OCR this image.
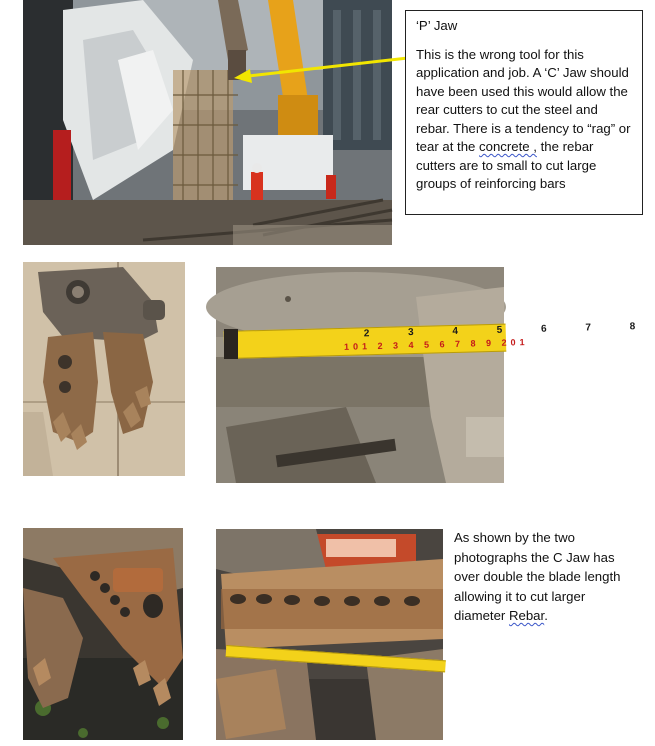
‘P’ Jaw

This is the wrong tool for this application and job. A ‘C’ Jaw should have been used this would allow the rear cutters to cut the steel and rebar. There is a tendency to “rag” or tear at the concrete , the rebar cutters are to small to cut large groups of reinforcing bars

2 3 4 5 6 7 8
101 2 3 4 5 6 7 8 9 201
As shown by the two photographs the C Jaw has over double the blade length allowing it to cut larger diameter Rebar.
